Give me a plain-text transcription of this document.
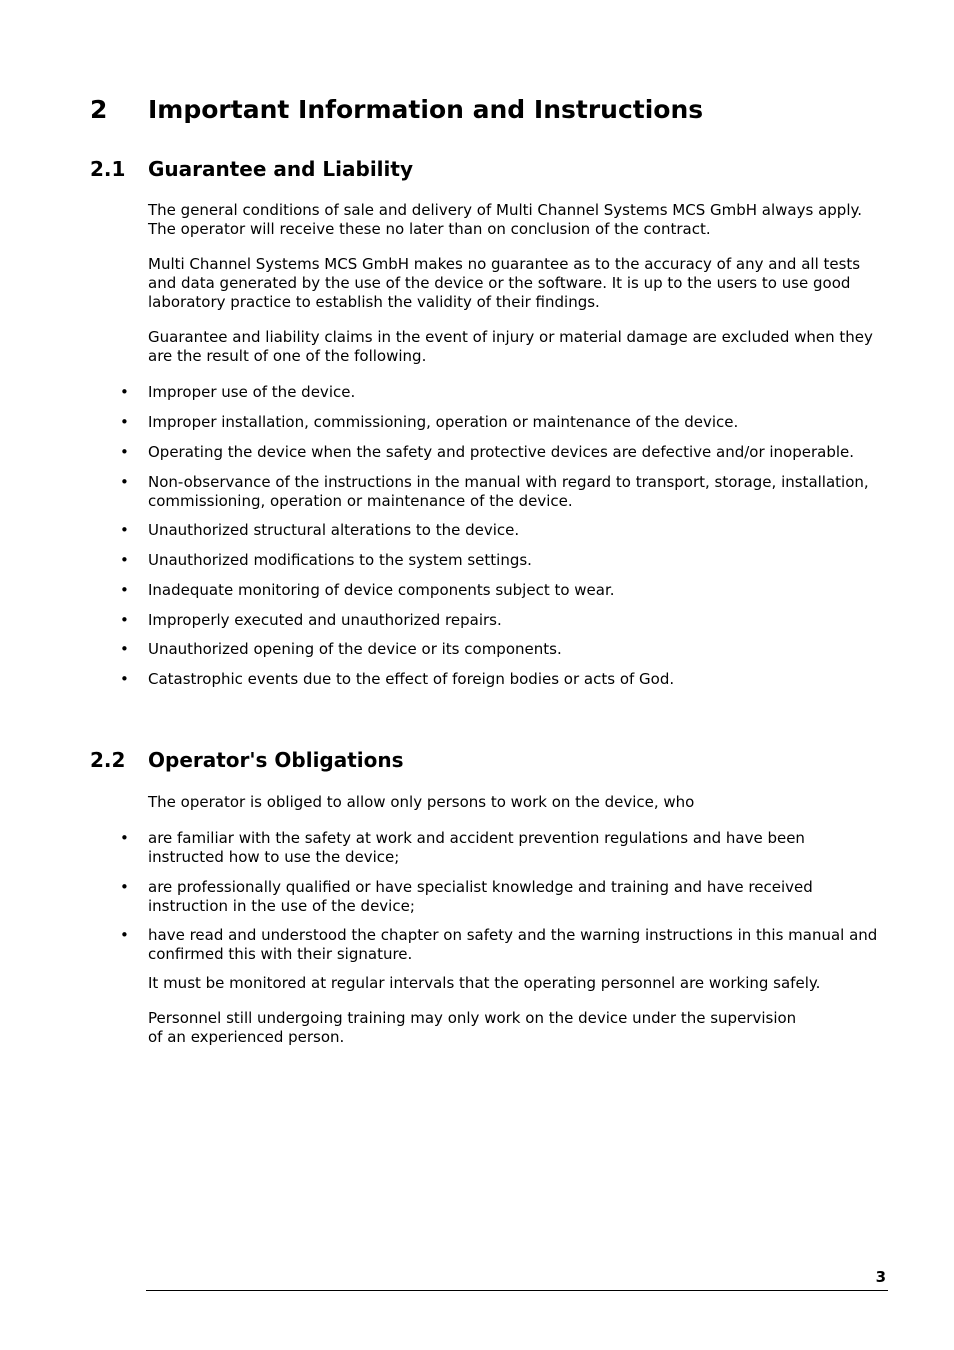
2 Important Information and Instructions
2.1 Guarantee and Liability

The general conditions of sale and delivery of Multi Channel Systems MCS GmbH always apply. The operator will receive these no later than on conclusion of the contract.

Multi Channel Systems MCS GmbH makes no guarantee as to the accuracy of any and all tests and data generated by the use of the device or the software. It is up to the users to use good laboratory practice to establish the validity of their findings.

Guarantee and liability claims in the event of injury or material damage are excluded when they are the result of one of the following.

• Improper use of the device.
• Improper installation, commissioning, operation or maintenance of the device.
• Operating the device when the safety and protective devices are defective and/or inoperable.
• Non-observance of the instructions in the manual with regard to transport, storage, installation, commissioning, operation or maintenance of the device.
• Unauthorized structural alterations to the device.
• Unauthorized modifications to the system settings.
• Inadequate monitoring of device components subject to wear.
• Improperly executed and unauthorized repairs.
• Unauthorized opening of the device or its components.
• Catastrophic events due to the effect of foreign bodies or acts of God.
2.2 Operator's Obligations

The operator is obliged to allow only persons to work on the device, who

• are familiar with the safety at work and accident prevention regulations and have been instructed how to use the device;
• are professionally qualified or have specialist knowledge and training and have received instruction in the use of the device;
• have read and understood the chapter on safety and the warning instructions in this manual and confirmed this with their signature.

It must be monitored at regular intervals that the operating personnel are working safely.

Personnel still undergoing training may only work on the device under the supervision of an experienced person.

3
